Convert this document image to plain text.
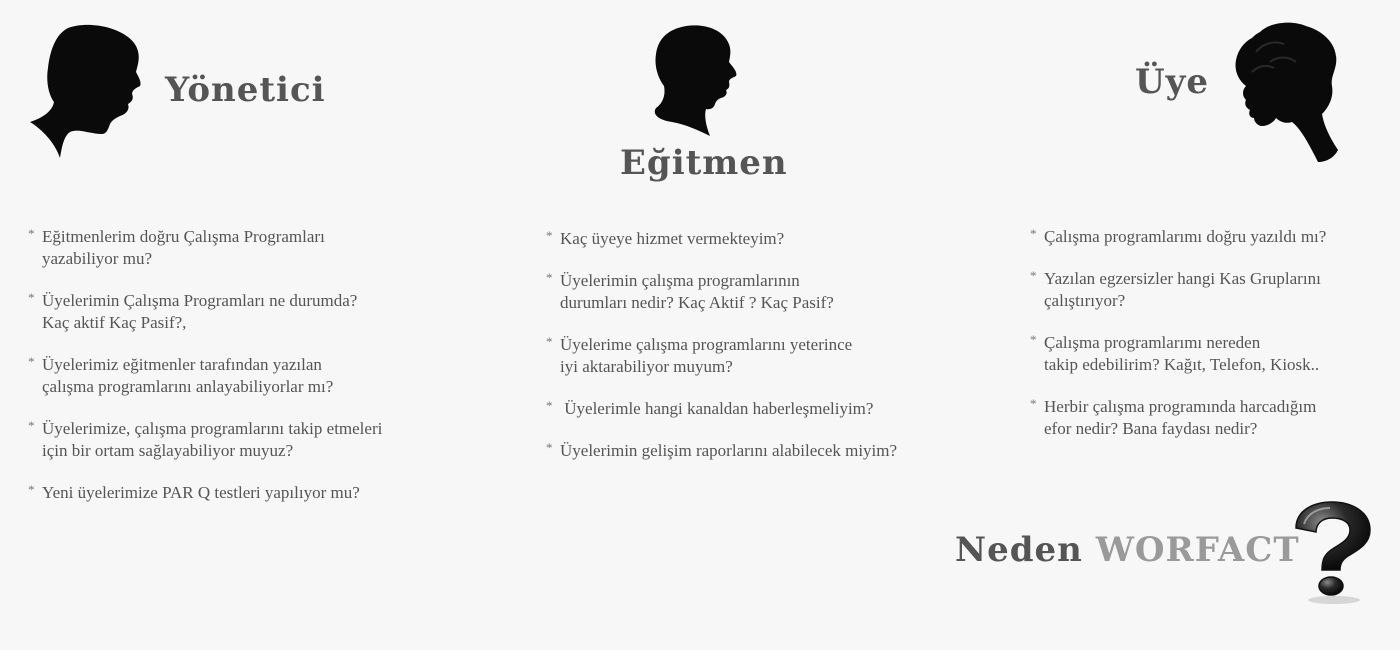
Yönetici
Eğitmen
Üye
* Eğitmenlerim doğru Çalışma Programları
yazabiliyor mu?
* Üyelerimin Çalışma Programları ne durumda?
Kaç aktif Kaç Pasif?,
* Üyelerimiz eğitmenler tarafından yazılan
çalışma programlarını anlayabiliyorlar mı?
* Üyelerimize, çalışma programlarını takip etmeleri
için bir ortam sağlayabiliyor muyuz?
* Yeni üyelerimize PAR Q testleri yapılıyor mu?
* Kaç üyeye hizmet vermekteyim?
* Üyelerimin çalışma programlarının
durumları nedir? Kaç Aktif ? Kaç Pasif?
* Üyelerime çalışma programlarını yeterince
iyi aktarabiliyor muyum?
* Üyelerimle hangi kanaldan haberleşmeliyim?
* Üyelerimin gelişim raporlarını alabilecek miyim?
* Çalışma programlarımı doğru yazıldı mı?
* Yazılan egzersizler hangi Kas Gruplarını
çalıştırıyor?
* Çalışma programlarımı nereden
takip edebilirim? Kağıt, Telefon, Kiosk..
* Herbir çalışma programında harcadığım
efor nedir? Bana faydası nedir?
Neden WORFACT
